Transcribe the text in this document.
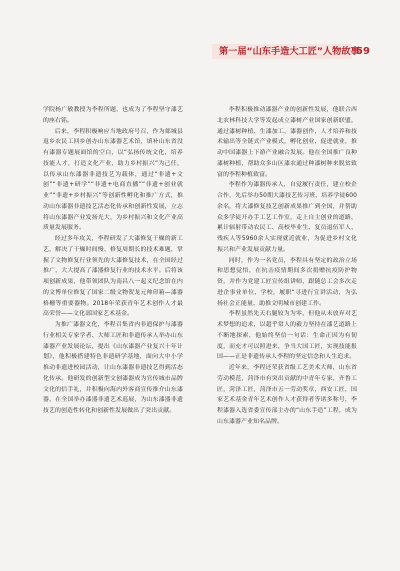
第一届“山东手造大工匠”人物故事
59

学院杨广敏教授为李程所题，也成为了李程坚守漆艺的座右铭。

后来，李程积极响应当地政府号召，作为郯城县返乡农民工回乡创办山东漆器艺术馆，填补山东省没有漆器专题展面馆的空白，以“弘扬传统文化，培养技能人才，打造文化产业，助力乡村振兴”为己任，以传承山东漆器非遗技艺为载体，通过“非遗+文创”“非遗+研学”“非遗+电商直播”“非遗+创业就业”“非遗+乡村振兴”等创新性孵化和推广方式，推动山东漆器非遗技艺活态化传承和创新性发展，立志将山东漆器产业发扬光大，为乡村振兴和文化产业高质量发展服务。

经过多年攻关，李程研发了大漆修复干燥的新工艺，解决了干燥时间慢、修复周期长的技术难题，掌握了文物修复行业领先的大漆修复技术，在全国经过推广，大大提高了漆器修复行业的技术水平。后将该项创新成果，他带领团队为南昌八一起义纪念馆在内的文博单位修复了国家二级文物贺龙元帅印箱—漆器格栅等重要器物。2018年荣获青年艺术创作人才最高荣誉——文化部国家艺术基金。

为推广漆器文化，李程召集省内非遗保护与漆器行业相关专家学者、大师工匠和非遗传承人举办山东漆器产业发展论坛，提出《山东漆器产业复兴十年计划》，他积极搭建特色非遗研学基地，面向大中小学推动非遗进校园活动，让山东漆器非遗技艺得到活态化传承。他研发的创新型文创漆器成为官传城市品牌文化的信手礼，并积极向海内外客商宣传推介山东漆器，在全国举办漆器非遗艺术巡展，为山东漆器非遗技艺的创造性转化和创新性发展做出了突出贡献。

李程积极推动漆器产业的创新性发展，他联合西北农林科技大学等发起成立漆树产业国家创新联盟，通过漆树种植、生漆加工、漆器创作，人才培养和技术输出等全链式产业模式，孵化创业，促进就业，推动中国漆器上下游产业融合发展。他在全国推广良种漆树种植，帮助众多山区漆农通过种漆树种来脱贫致富的李程种植致富。

李程作为漆器传承人，自觉履行责任，建立校企合作，先后举办50期大漆技艺传习班，培养学徒600余名，将大漆修复技艺创新成果推广到全国，并帮助众多学徒开办手工艺工作室，走上自主创业的道路，累计辐射带动农民工、高校毕业生、复员退伍军人、残疾人等5960余人实现就近就业，为促进乡村文化振兴和产业发展贡献力量。

同时，作为一名党员，李程具有坚定的政治立场和思想觉悟，在抗击疫情期间多次捐赠抗疫防护物资，并作为党建工匠宣传组讲师，跟随总工会多次走进企事业单位、学校，履职“寻进行宣讲活动，为弘扬社会正能量、助推文明城市创建工作。

李程虽然先天右腿较为为零，但他从未放弃对艺术梦想的追求，以超乎常人的毅力坚持在漆艺道路上不断地探索，他始终坚信一句话：生命正因为有韧度，而充才可以照进来，争当大国工匠，实现技能报国——正是非遗传承人李程的坚定信念和人生追求。

近年来，李程还荣获省级工艺美术大师，山东省劳动模范，菏泽市有突出贡献的中青年专家，齐鲁工匠，菏泽工匠，菏泽市五一劳动奖章，西安工匠，国家艺术基金青年艺术创作人才获得者等诸多称号，李程漆器入选省委宣传部主办的“山东手造”工程，成为山东漆器产业知名品牌。
